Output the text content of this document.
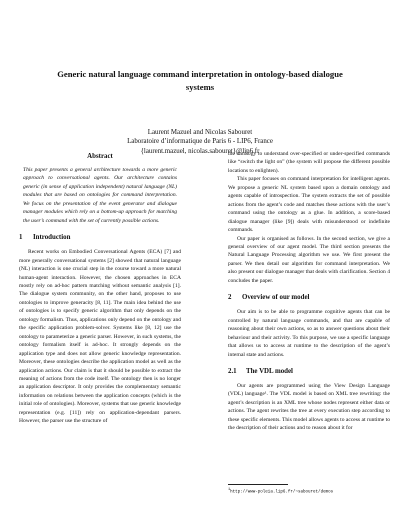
Generic natural language command interpretation in ontology-based dialogue
systems
Laurent Mazuel and Nicolas Sabouret
Laboratoire d’informatique de Paris 6 - LIP6, France
{laurent.mazuel, nicolas.sabouret}@lip6.fr
Abstract

This paper presents a general architecture towards a more generic approach to conversational agents. Our architecture contains generic (in sense of application independent) natural language (NL) modules that are based on ontologies for command interpretation. We focus on the presentation of the event generator and dialogue manager modules which rely on a bottom-up approach for matching the user’s command with the set of currently possible actions.

1 Introduction

Recent works on Embodied Conversational Agents (ECA) [7] and more generally conversational systems [2] showed that natural language (NL) interaction is one crucial step in the course toward a more natural human-agent interaction. However, the chosen approaches in ECA mostly rely on ad-hoc pattern matching without semantic analysis [1]. The dialogue system community, on the other hand, proposes to use ontologies to improve generacity [8, 11]. The main idea behind the use of ontologies is to specify generic algorithm that only depends on the ontology formalism. Thus, applications only depend on the ontology and the specific application problem-solver. Systems like [8, 12] use the ontology to parameterize a generic parser. However, in such systems, the ontology formalism itself is ad-hoc. It strongly depends on the application type and does not allow generic knowledge representation. Moreover, these ontologies describe the application model as well as the application actions. Our claim is that it should be possible to extract the meaning of actions from the code itself. The ontology then is no longer an application descriptor. It only provides the complementary semantic information on relations between the application concepts (which is the initial role of ontologies). Moreover, systems that use generic knowledge representation (e.g. [11]) rely on application-dependant parsers. However, the parser use the structure of

the ontology to understand over-specified or under-specified commands like “switch the light on” (the system will propose the different possible locations to enlighten).

This paper focuses on command interpretation for intelligent agents. We propose a generic NL system based upon a domain ontology and agents capable of introspection. The system extracts the set of possible actions from the agent’s code and matches these actions with the user’s command using the ontology as a glue. In addition, a score-based dialogue manager (like [9]) deals with misunderstood or indefinite commands.

Our paper is organised as follows. In the second section, we give a general overview of our agent model. The third section presents the Natural Language Processing algorithm we use. We first present the parser. We then detail our algorithm for command interpretation. We also present our dialogue manager that deals with clarification. Section 4 concludes the paper.

2 Overview of our model

Our aim is to be able to programme cognitive agents that can be controlled by natural language commands, and that are capable of reasoning about their own actions, so as to answer questions about their behaviour and their activity. To this purpose, we use a specific language that allows us to access at runtime to the description of the agent’s internal state and actions.

2.1 The VDL model

Our agents are programmed using the View Design Language (VDL) language¹. The VDL model is based on XML tree rewriting: the agent’s description is an XML tree whose nodes represent either data or actions. The agent rewrites the tree at every execution step according to these specific elements. This model allows agents to access at runtime to the description of their actions and to reason about it for

$^1$http://www-poleia.lip6.fr/~sabouret/demos
